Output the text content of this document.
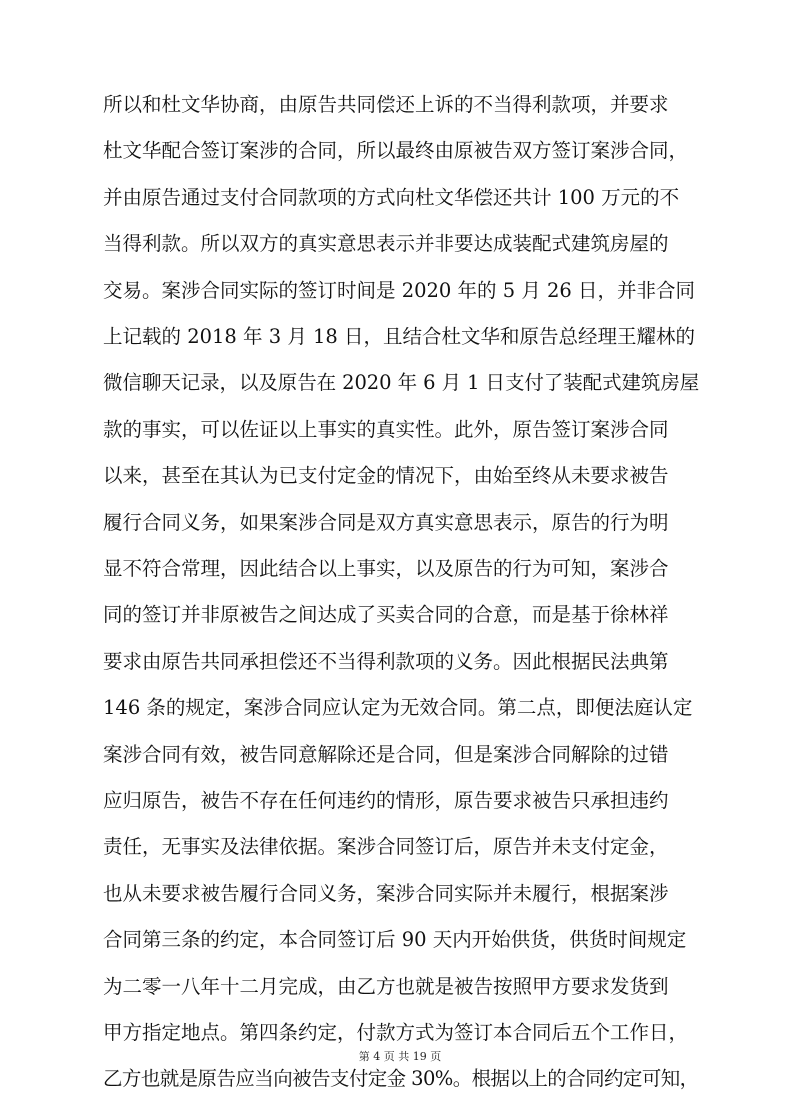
所以和杜文华协商，由原告共同偿还上诉的不当得利款项，并要求
杜文华配合签订案涉的合同，所以最终由原被告双方签订案涉合同，
并由原告通过支付合同款项的方式向杜文华偿还共计 100 万元的不
当得利款。所以双方的真实意思表示并非要达成装配式建筑房屋的
交易。案涉合同实际的签订时间是 2020 年的 5 月 26 日，并非合同
上记载的 2018 年 3 月 18 日，且结合杜文华和原告总经理王耀林的
微信聊天记录，以及原告在 2020 年 6 月 1 日支付了装配式建筑房屋
款的事实，可以佐证以上事实的真实性。此外，原告签订案涉合同
以来，甚至在其认为已支付定金的情况下，由始至终从未要求被告
履行合同义务，如果案涉合同是双方真实意思表示，原告的行为明
显不符合常理，因此结合以上事实，以及原告的行为可知，案涉合
同的签订并非原被告之间达成了买卖合同的合意，而是基于徐林祥
要求由原告共同承担偿还不当得利款项的义务。因此根据民法典第
146 条的规定，案涉合同应认定为无效合同。第二点，即便法庭认定
案涉合同有效，被告同意解除还是合同，但是案涉合同解除的过错
应归原告，被告不存在任何违约的情形，原告要求被告只承担违约
责任，无事实及法律依据。案涉合同签订后，原告并未支付定金，
也从未要求被告履行合同义务，案涉合同实际并未履行，根据案涉
合同第三条的约定，本合同签订后 90 天内开始供货，供货时间规定
为二零一八年十二月完成，由乙方也就是被告按照甲方要求发货到
甲方指定地点。第四条约定，付款方式为签订本合同后五个工作日，
乙方也就是原告应当向被告支付定金 30%。根据以上的合同约定可知，
第 4 页 共 19 页
